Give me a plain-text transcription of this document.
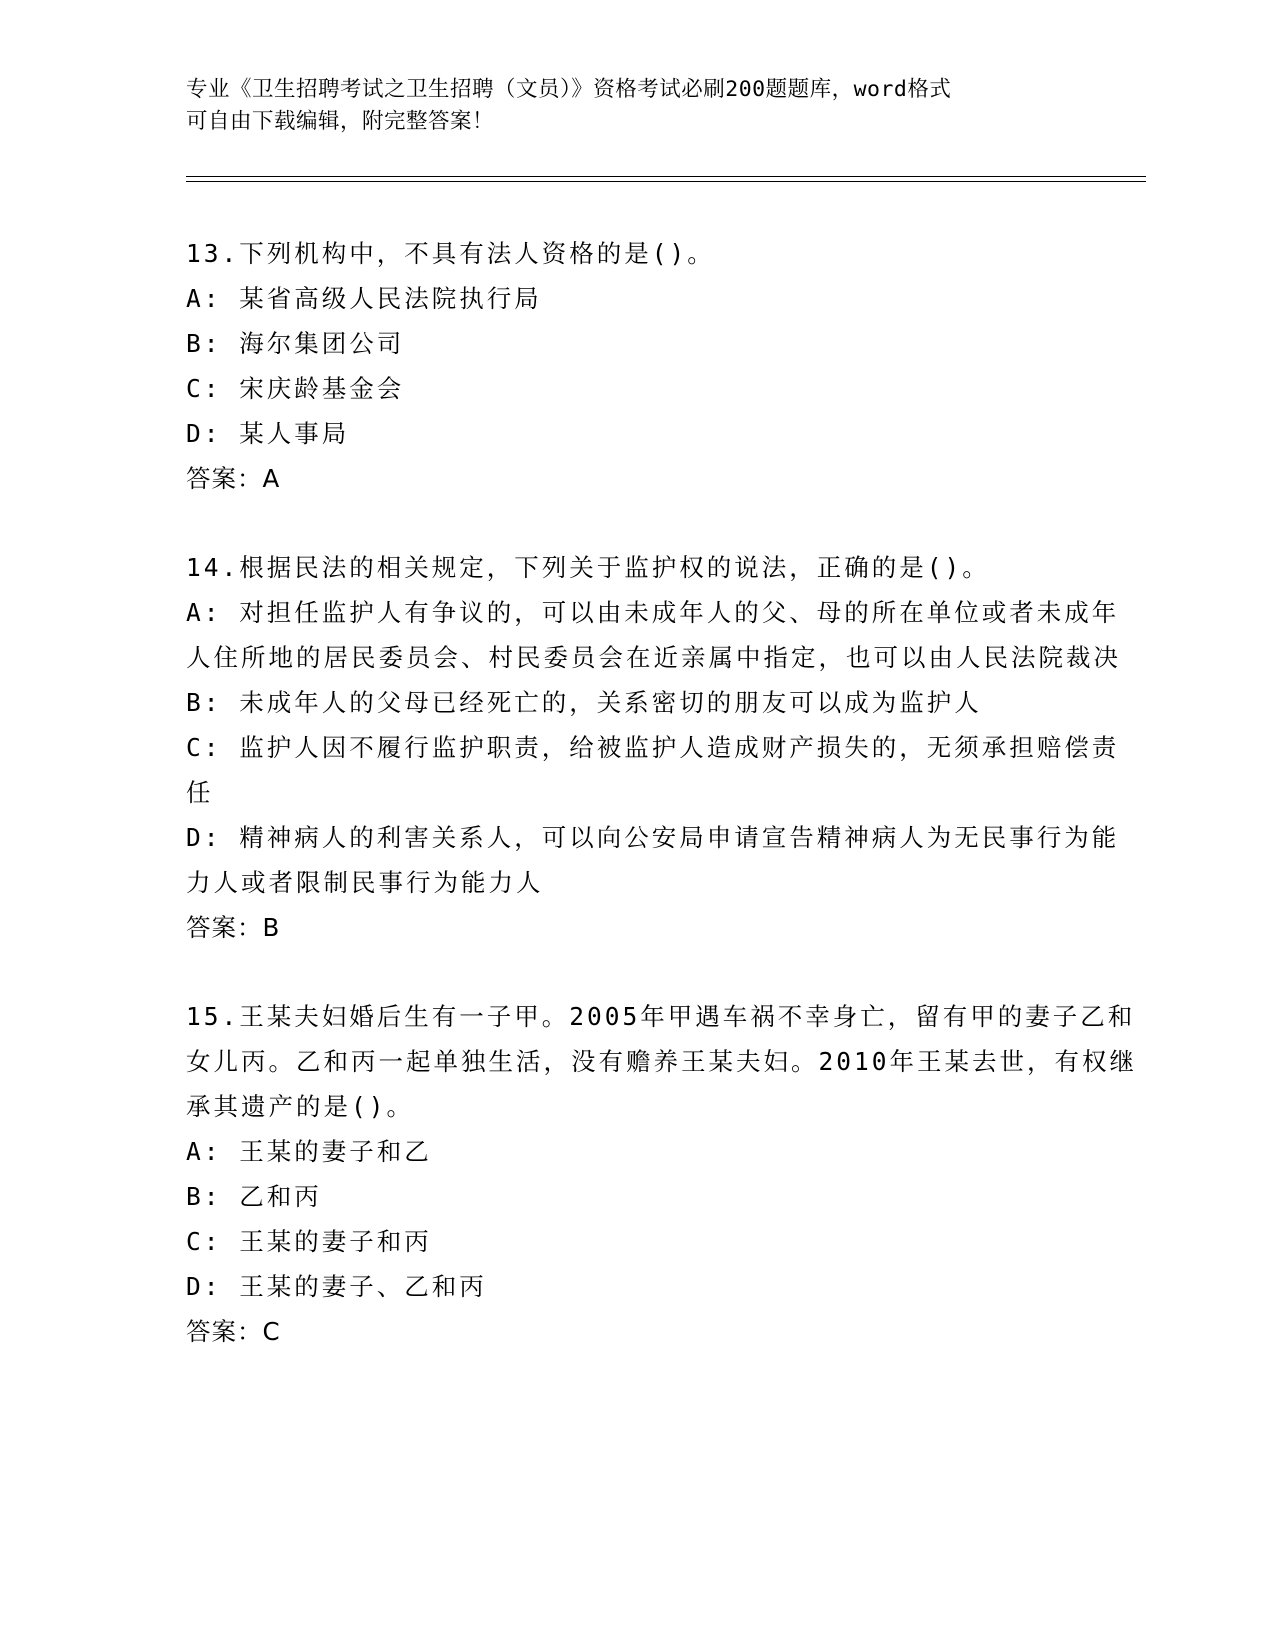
专业《卫生招聘考试之卫生招聘（文员）》资格考试必刷200题题库，word格式
可自由下载编辑，附完整答案！
13.下列机构中，不具有法人资格的是()。
A: 某省高级人民法院执行局
B: 海尔集团公司
C: 宋庆龄基金会
D: 某人事局
答案：A
14.根据民法的相关规定，下列关于监护权的说法，正确的是()。
A: 对担任监护人有争议的，可以由未成年人的父、母的所在单位或者未成年人住所地的居民委员会、村民委员会在近亲属中指定，也可以由人民法院裁决
B: 未成年人的父母已经死亡的，关系密切的朋友可以成为监护人
C: 监护人因不履行监护职责，给被监护人造成财产损失的，无须承担赔偿责任
D: 精神病人的利害关系人，可以向公安局申请宣告精神病人为无民事行为能力人或者限制民事行为能力人
答案：B
15.王某夫妇婚后生有一子甲。2005年甲遇车祸不幸身亡，留有甲的妻子乙和女儿丙。乙和丙一起单独生活，没有赡养王某夫妇。2010年王某去世，有权继承其遗产的是()。
A: 王某的妻子和乙
B: 乙和丙
C: 王某的妻子和丙
D: 王某的妻子、乙和丙
答案：C
